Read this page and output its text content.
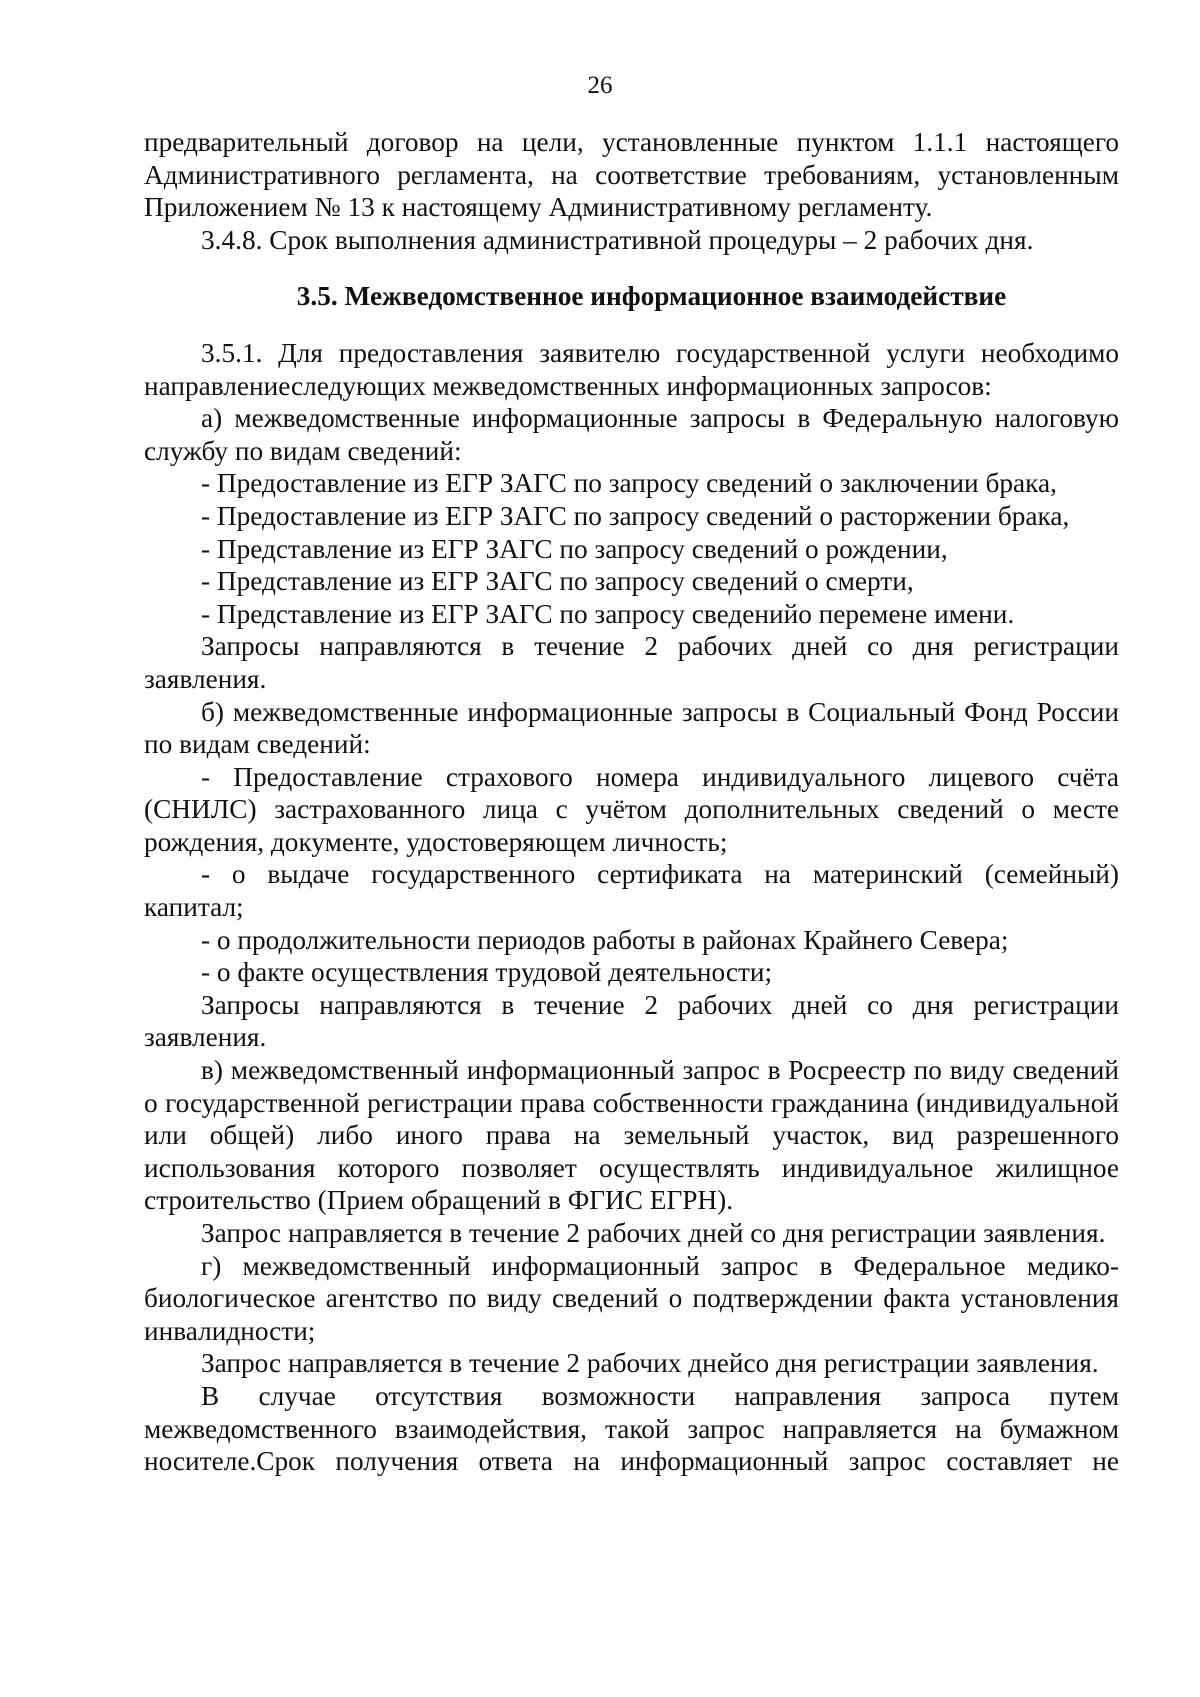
26

предварительный договор на цели, установленные пунктом 1.1.1 настоящего Административного регламента, на соответствие требованиям, установленным Приложением № 13 к настоящему Административному регламенту.

3.4.8. Срок выполнения административной процедуры – 2 рабочих дня.

3.5. Межведомственное информационное взаимодействие

3.5.1. Для предоставления заявителю государственной услуги необходимо направлениеследующих межведомственных информационных запросов:

а) межведомственные информационные запросы в Федеральную налоговую службу по видам сведений:

- Предоставление из ЕГР ЗАГС по запросу сведений о заключении брака,

- Предоставление из ЕГР ЗАГС по запросу сведений о расторжении брака,

- Представление из ЕГР ЗАГС по запросу сведений о рождении,

- Представление из ЕГР ЗАГС по запросу сведений о смерти,

- Представление из ЕГР ЗАГС по запросу сведенийо перемене имени.

Запросы направляются в течение 2 рабочих дней со дня регистрации заявления.

б) межведомственные информационные запросы в Социальный Фонд России по видам сведений:

- Предоставление страхового номера индивидуального лицевого счёта (СНИЛС) застрахованного лица с учётом дополнительных сведений о месте рождения, документе, удостоверяющем личность;

- о выдаче государственного сертификата на материнский (семейный) капитал;

- о продолжительности периодов работы в районах Крайнего Севера;

- о факте осуществления трудовой деятельности;

Запросы направляются в течение 2 рабочих дней со дня регистрации заявления.

в) межведомственный информационный запрос в Росреестр по виду сведений о государственной регистрации права собственности гражданина (индивидуальной или общей) либо иного права на земельный участок, вид разрешенного использования которого позволяет осуществлять индивидуальное жилищное строительство (Прием обращений в ФГИС ЕГРН).

Запрос направляется в течение 2 рабочих дней со дня регистрации заявления.

г) межведомственный информационный запрос в Федеральное медико-биологическое агентство по виду сведений о подтверждении факта установления инвалидности;

Запрос направляется в течение 2 рабочих днейсо дня регистрации заявления.

В случае отсутствия возможности направления запроса путем межведомственного взаимодействия, такой запрос направляется на бумажном носителе.Срок получения ответа на информационный запрос составляет не
